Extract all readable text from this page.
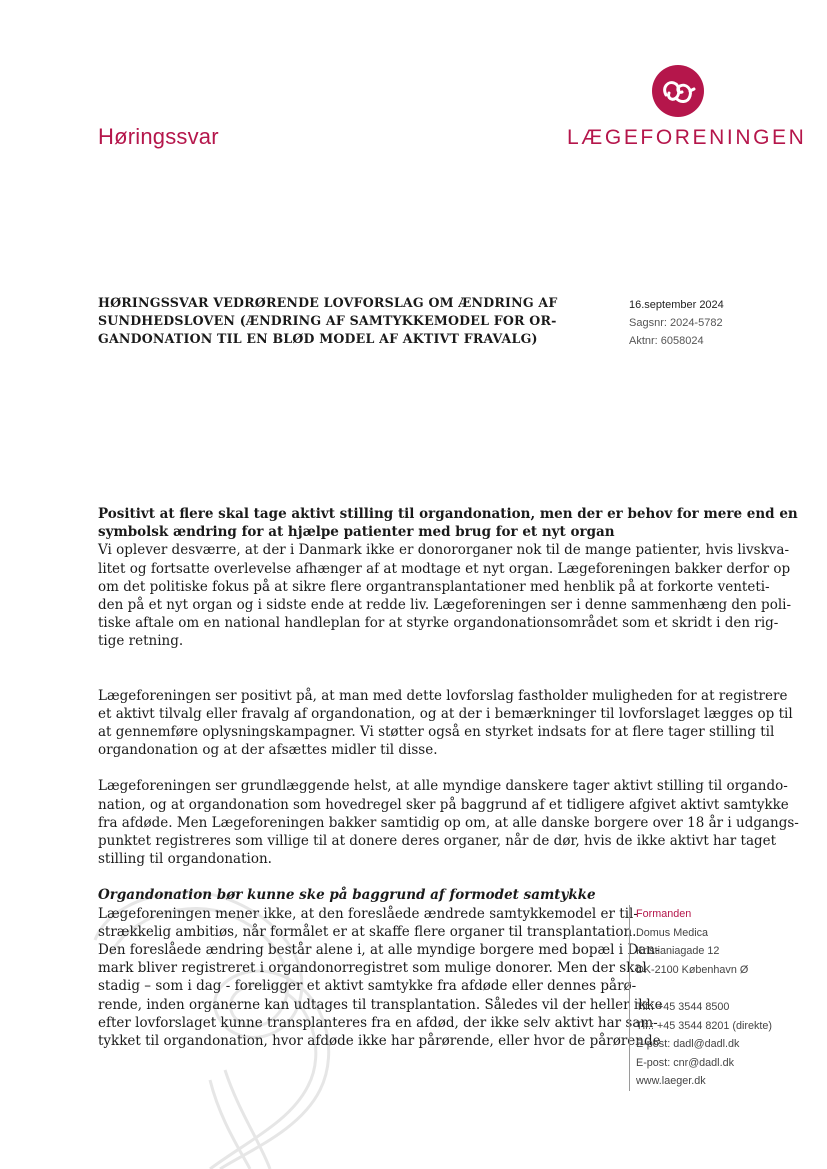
Høringssvar	LÆGEFORENINGEN
HØRINGSSVAR VEDRØRENDE LOVFORSLAG OM ÆNDRING AF
SUNDHEDSLOVEN (ÆNDRING AF SAMTYKKEMODEL FOR OR-
GANDONATION TIL EN BLØD MODEL AF AKTIVT FRAVALG)
16.september 2024
Sagsnr: 2024-5782
Aktnr: 6058024
Positivt at flere skal tage aktivt stilling til organdonation, men der er behov for mere end en
symbolsk ændring for at hjælpe patienter med brug for et nyt organ
Vi oplever desværre, at der i Danmark ikke er donororganer nok til de mange patienter, hvis livskva-
litet og fortsatte overlevelse afhænger af at modtage et nyt organ. Lægeforeningen bakker derfor op
om det politiske fokus på at sikre flere organtransplantationer med henblik på at forkorte venteti-
den på et nyt organ og i sidste ende at redde liv. Lægeforeningen ser i denne sammenhæng den poli-
tiske aftale om en national handleplan for at styrke organdonationsområdet som et skridt i den rig-
tige retning.
Lægeforeningen ser positivt på, at man med dette lovforslag fastholder muligheden for at registrere
et aktivt tilvalg eller fravalg af organdonation, og at der i bemærkninger til lovforslaget lægges op til
at gennemføre oplysningskampagner. Vi støtter også en styrket indsats for at flere tager stilling til
organdonation og at der afsættes midler til disse.
Lægeforeningen ser grundlæggende helst, at alle myndige danskere tager aktivt stilling til orgando-
nation, og at organdonation som hovedregel sker på baggrund af et tidligere afgivet aktivt samtykke
fra afdøde. Men Lægeforeningen bakker samtidig op om, at alle danske borgere over 18 år i udgangs-
punktet registreres som villige til at donere deres organer, når de dør, hvis de ikke aktivt har taget
stilling til organdonation.
Organdonation bør kunne ske på baggrund af formodet samtykke
Lægeforeningen mener ikke, at den foreslåede ændrede samtykkemodel er til-
strækkelig ambitiøs, når formålet er at skaffe flere organer til transplantation.
Den foreslåede ændring består alene i, at alle myndige borgere med bopæl i Dan-
mark bliver registreret i organdonorregistret som mulige donorer. Men der skal
stadig – som i dag - foreligger et aktivt samtykke fra afdøde eller dennes pårø-
rende, inden organerne kan udtages til transplantation. Således vil der heller ikke
efter lovforslaget kunne transplanteres fra en afdød, der ikke selv aktivt har sam-
tykket til organdonation, hvor afdøde ikke har pårørende, eller hvor de pårørende
Formanden
Domus Medica
Kristianiagade 12
DK-2100 København Ø
Tlf.: +45 3544 8500
Tlf.: +45 3544 8201 (direkte)
E-post: dadl@dadl.dk
E-post: cnr@dadl.dk
www.laeger.dk
